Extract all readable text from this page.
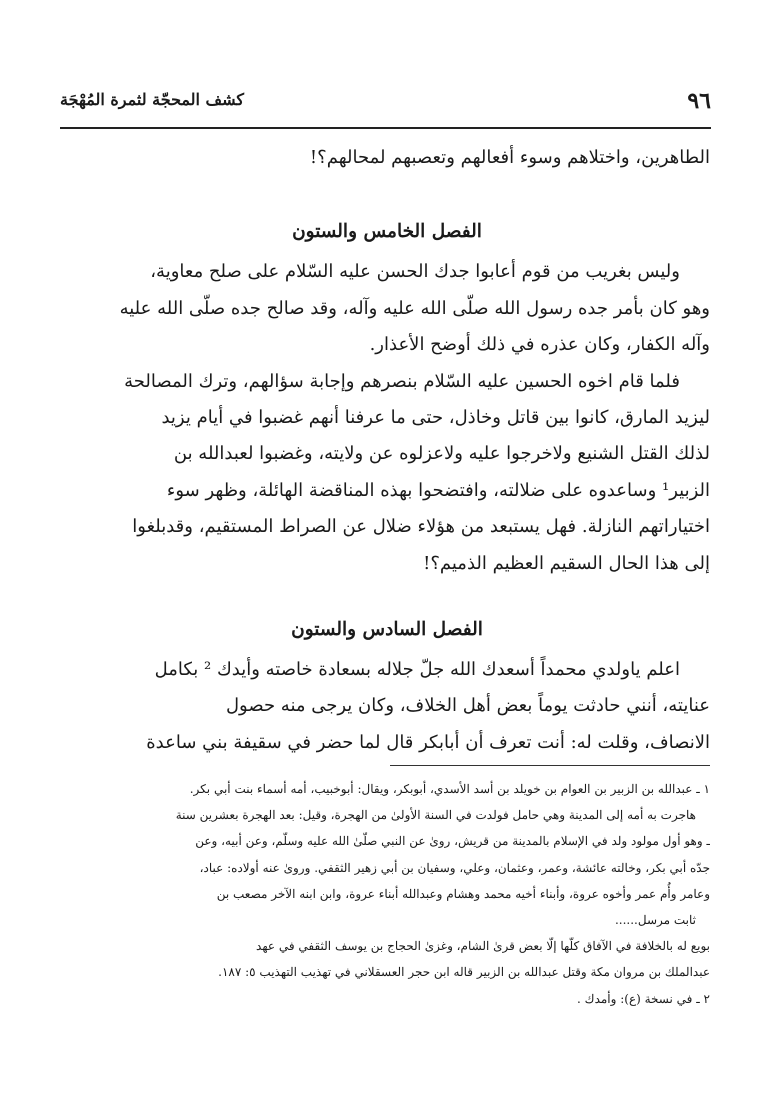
٩٦
كشف المحجّة لثمرة المُهْجَة
الطاهرين، واختلاهم وسوء أفعالهم وتعصبهم لمحالهم؟!
الفصل الخامس والستون
وليس بغريب من قوم أعابوا جدك الحسن عليه السّلام على صلح معاوية،
وهو كان بأمر جده رسول الله صلّى الله عليه وآله، وقد صالح جده صلّى الله عليه
وآله الكفار، وكان عذره في ذلك أوضح الأعذار.
فلما قام اخوه الحسين عليه السّلام بنصرهم وإجابة سؤالهم، وترك المصالحة
ليزيد المارق، كانوا بين قاتل وخاذل، حتى ما عرفنا أنهم غضبوا في أيام يزيد
لذلك القتل الشنيع ولاخرجوا عليه ولاعزلوه عن ولايته، وغضبوا لعبدالله بن
الزبير¹ وساعدوه على ضلالته، وافتضحوا بهذه المناقضة الهائلة، وظهر سوء
اختياراتهم النازلة. فهل يستبعد من هؤلاء ضلال عن الصراط المستقيم، وقدبلغوا
إلى هذا الحال السقيم العظيم الذميم؟!
الفصل السادس والستون
اعلم ياولدي محمداً أسعدك الله جلّ جلاله بسعادة خاصته وأيدك ² بكامل
عنايته، أنني حادثت يوماً بعض أهل الخلاف، وكان يرجى منه حصول
الانصاف، وقلت له: أنت تعرف أن أبابكر قال لما حضر في سقيفة بني ساعدة
١ ـ عبدالله بن الزبير بن العوام بن خويلد بن أسد الأسدي، أبوبكر، ويقال: أبوخبيب، أمه أسماء بنت أبي بكر.
هاجرت به أمه إلى المدينة وهي حامل فولدت في السنة الأولىٰ من الهجرة، وقيل: بعد الهجرة بعشرين سنة
ـ وهو أول مولود ولد في الإسلام بالمدينة من قريش، روىٰ عن النبي صلّىٰ الله عليه وسلّم، وعن أبيه، وعن
جدّه أبي بكر، وخالته عائشة، وعمر، وعثمان، وعلي، وسفيان بن أبي زهير الثقفي. وروىٰ عنه أولاده: عباد،
وعامر وأُم عمر وأخوه عروة، وأبناء أخيه محمد وهشام وعبدالله أبناء عروة، وابن ابنه الآخر مصعب بن
ثابت مرسل......
بويع له بالخلافة في الآفاق كلّها إلّا بعض قرىٰ الشام، وغزىٰ الحجاج بن يوسف الثقفي في عهد
عبدالملك بن مروان مكة وقتل عبدالله بن الزبير قاله ابن حجر العسقلاني في تهذيب التهذيب ٥: ١٨٧.
٢ ـ في نسخة (ع): وأمدك .
